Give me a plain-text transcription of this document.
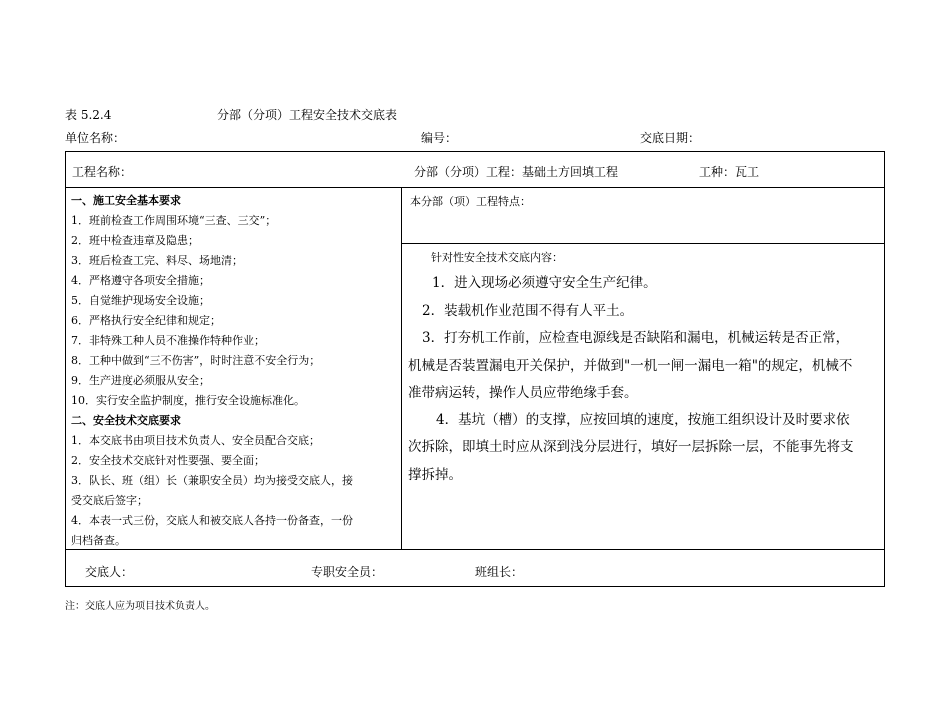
表 5.2.4	分部（分项）工程安全技术交底表
单位名称：	编号：	交底日期：
工程名称：	分部（分项）工程：基础土方回填工程	工种：瓦工
一、施工安全基本要求
1．班前检查工作周围环境“三查、三交”；
2．班中检查违章及隐患；
3．班后检查工完、料尽、场地清；
4．严格遵守各项安全措施；
5．自觉维护现场安全设施；
6．严格执行安全纪律和规定；
7．非特殊工种人员不准操作特种作业；
8．工种中做到“三不伤害”，时时注意不安全行为；
9．生产进度必须服从安全；
10．实行安全监护制度，推行安全设施标准化。
二、安全技术交底要求
1．本交底书由项目技术负责人、安全员配合交底；
2．安全技术交底针对性要强、要全面；
3．队长、班（组）长（兼职安全员）均为接受交底人，接
受交底后签字；
4．本表一式三份，交底人和被交底人各持一份备查，一份
归档备查。
本分部（项）工程特点：
针对性安全技术交底内容：
1．进入现场必须遵守安全生产纪律。
2．装载机作业范围不得有人平土。
3．打夯机工作前，应检查电源线是否缺陷和漏电，机械运转是否正常，
机械是否装置漏电开关保护，并做到"一机一闸一漏电一箱"的规定，机械不
准带病运转，操作人员应带绝缘手套。
4．基坑（槽）的支撑，应按回填的速度，按施工组织设计及时要求依
次拆除，即填土时应从深到浅分层进行，填好一层拆除一层，不能事先将支
撑拆掉。
交底人：	专职安全员：	班组长：
注：交底人应为项目技术负责人。
